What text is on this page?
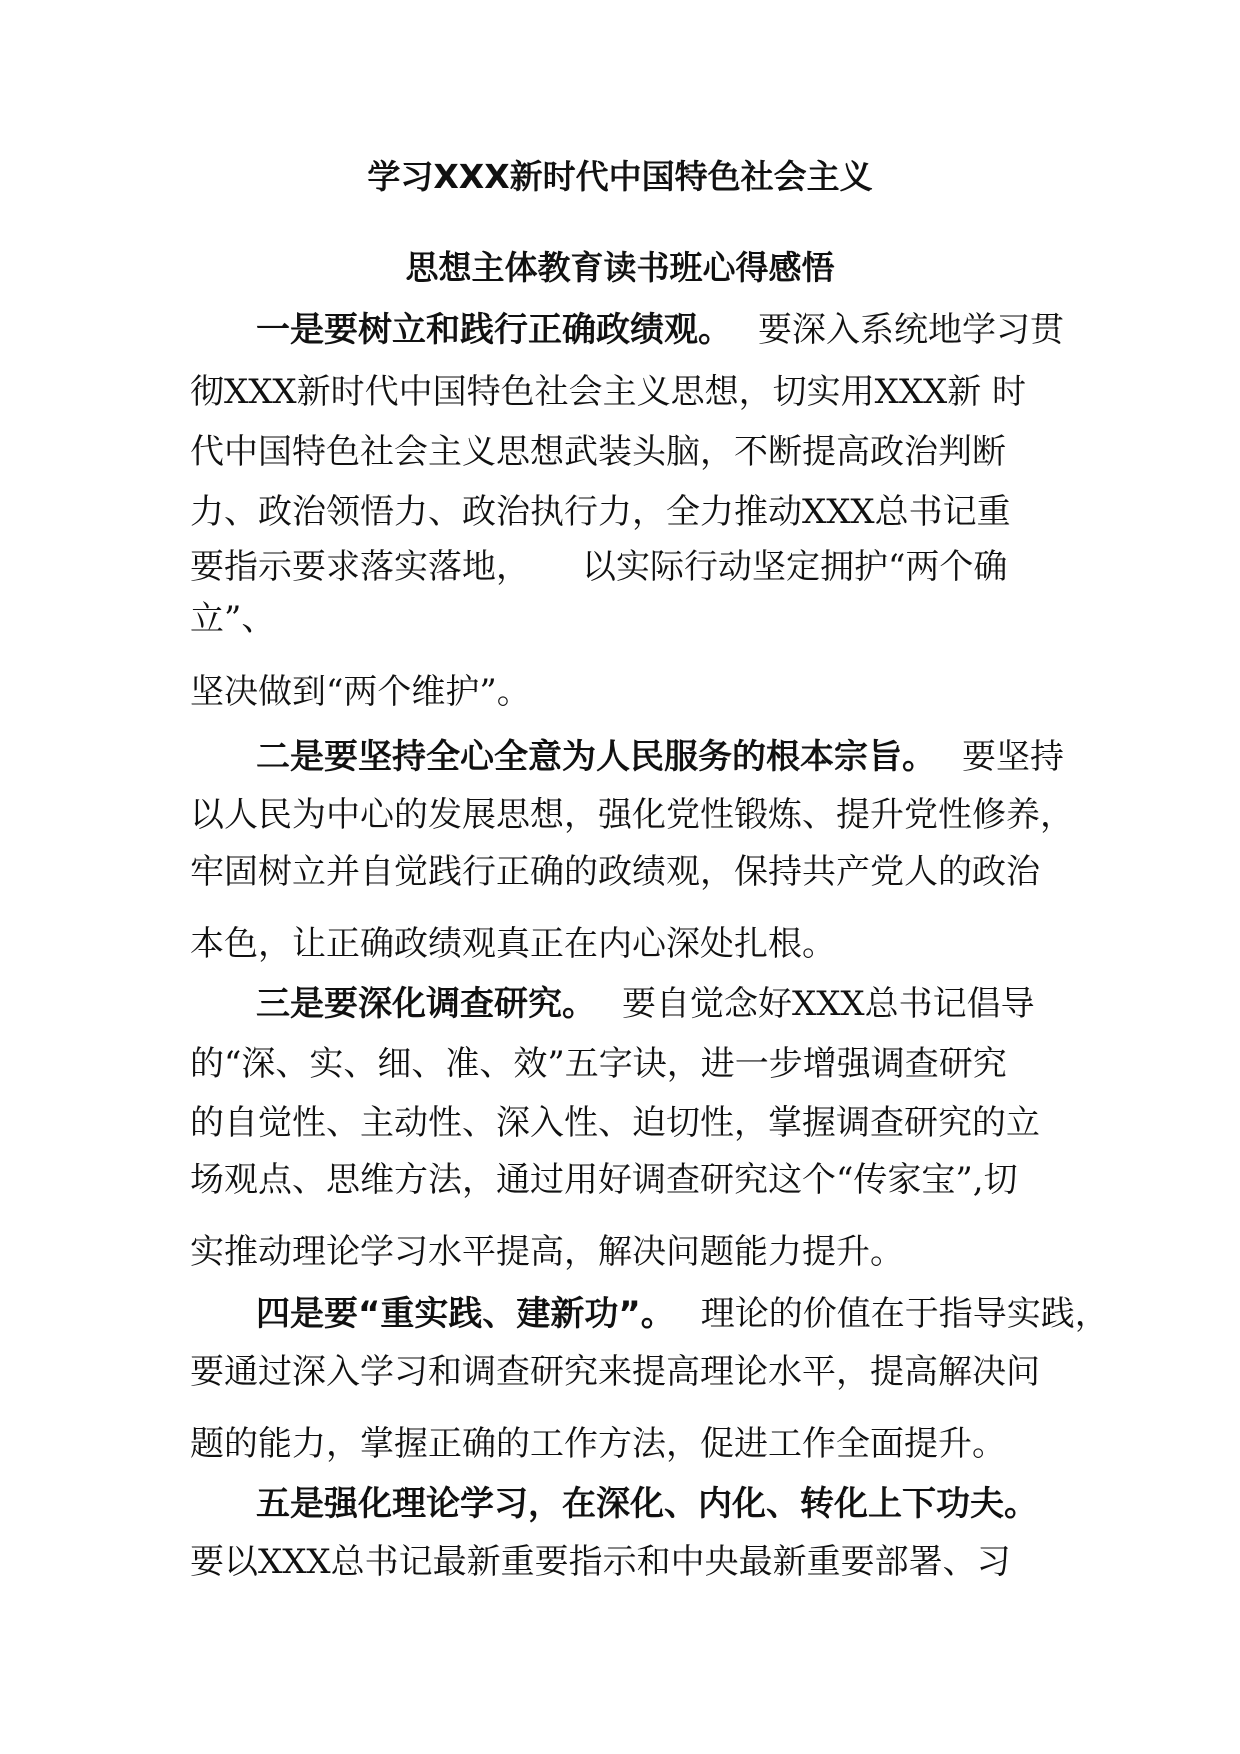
学习XXX新时代中国特色社会主义
思想主体教育读书班心得感悟
一是要树立和践行正确政绩观。 要深入系统地学习贯
彻XXX新时代中国特色社会主义思想，切实用XXX新 时
代中国特色社会主义思想武装头脑，不断提高政治判断
力、政治领悟力、政治执行力，全力推动XXX总书记重
要指示要求落实落地， 以实际行动坚定拥护“两个确
立”、
坚决做到“两个维护”。
二是要坚持全心全意为人民服务的根本宗旨。 要坚持
以人民为中心的发展思想，强化党性锻炼、提升党性修养，
牢固树立并自觉践行正确的政绩观，保持共产党人的政治
本色，让正确政绩观真正在内心深处扎根。
三是要深化调查研究。 要自觉念好XXX总书记倡导
的“深、实、细、准、效”五字诀，进一步增强调查研究
的自觉性、主动性、深入性、迫切性，掌握调查研究的立
场观点、思维方法，通过用好调查研究这个“传家宝”,切
实推动理论学习水平提高，解决问题能力提升。
四是要“重实践、建新功”。 理论的价值在于指导实践，
要通过深入学习和调查研究来提高理论水平，提高解决问
题的能力，掌握正确的工作方法，促进工作全面提升。
五是强化理论学习，在深化、内化、转化上下功夫。
要以XXX总书记最新重要指示和中央最新重要部署、习
